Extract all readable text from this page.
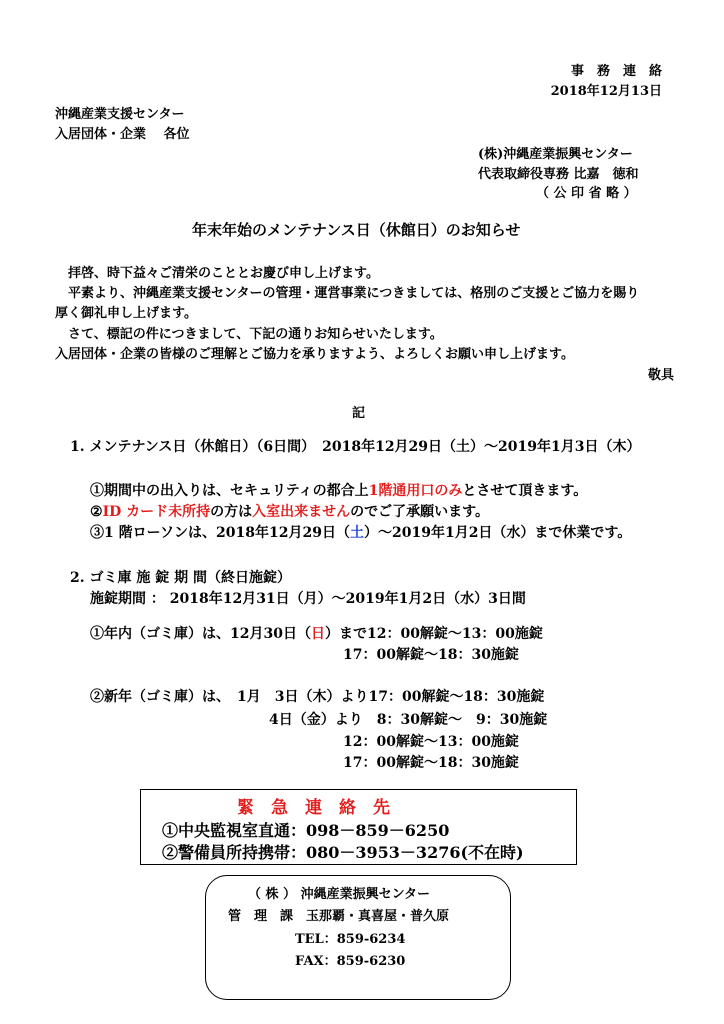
事　務　連　絡
2018年12月13日
沖縄産業支援センター
入居団体・企業　 各位
(株)沖縄産業振興センター
代表取締役専務 比嘉　徳和
（ 公 印 省 略 ）
年末年始のメンテナンス日（休館日）のお知らせ
拝啓、時下益々ご清栄のこととお慶び申し上げます。
平素より、沖縄産業支援センターの管理・運営事業につきましては、格別のご支援とご協力を賜り
厚く御礼申し上げます。
さて、標記の件につきまして、下記の通りお知らせいたします。
入居団体・企業の皆様のご理解とご協力を承りますよう、よろしくお願い申し上げます。
敬具
記
1. メンテナンス日（休館日）（6日間）　2018年12月29日（土）～2019年1月3日（木）
①期間中の出入りは、セキュリティの都合上1階通用口のみとさせて頂きます。
②ID カード未所持の方は入室出来ませんのでご了承願います。
③1 階ローソンは、2018年12月29日（土）～2019年1月2日（水）まで休業です。
2. ゴミ庫 施 錠 期 間（終日施錠）
施錠期間 ： 2018年12月31日（月）～2019年1月2日（水）3日間
①年内（ゴミ庫）は、12月30日（日）まで12：00解錠～13：00施錠
17：00解錠～18：30施錠
②新年（ゴミ庫）は、　1月　3日（木）より17：00解錠～18：30施錠
4日（金）より　8：30解錠～　9：30施錠
12：00解錠～13：00施錠
17：00解錠～18：30施錠
緊　急　連　絡　先
①中央監視室直通：098－859－6250
②警備員所持携帯：080－3953－3276(不在時)
（ 株 ） 沖縄産業振興センター
管　理　課　玉那覇・真喜屋・普久原
TEL：859-6234
FAX：859-6230
